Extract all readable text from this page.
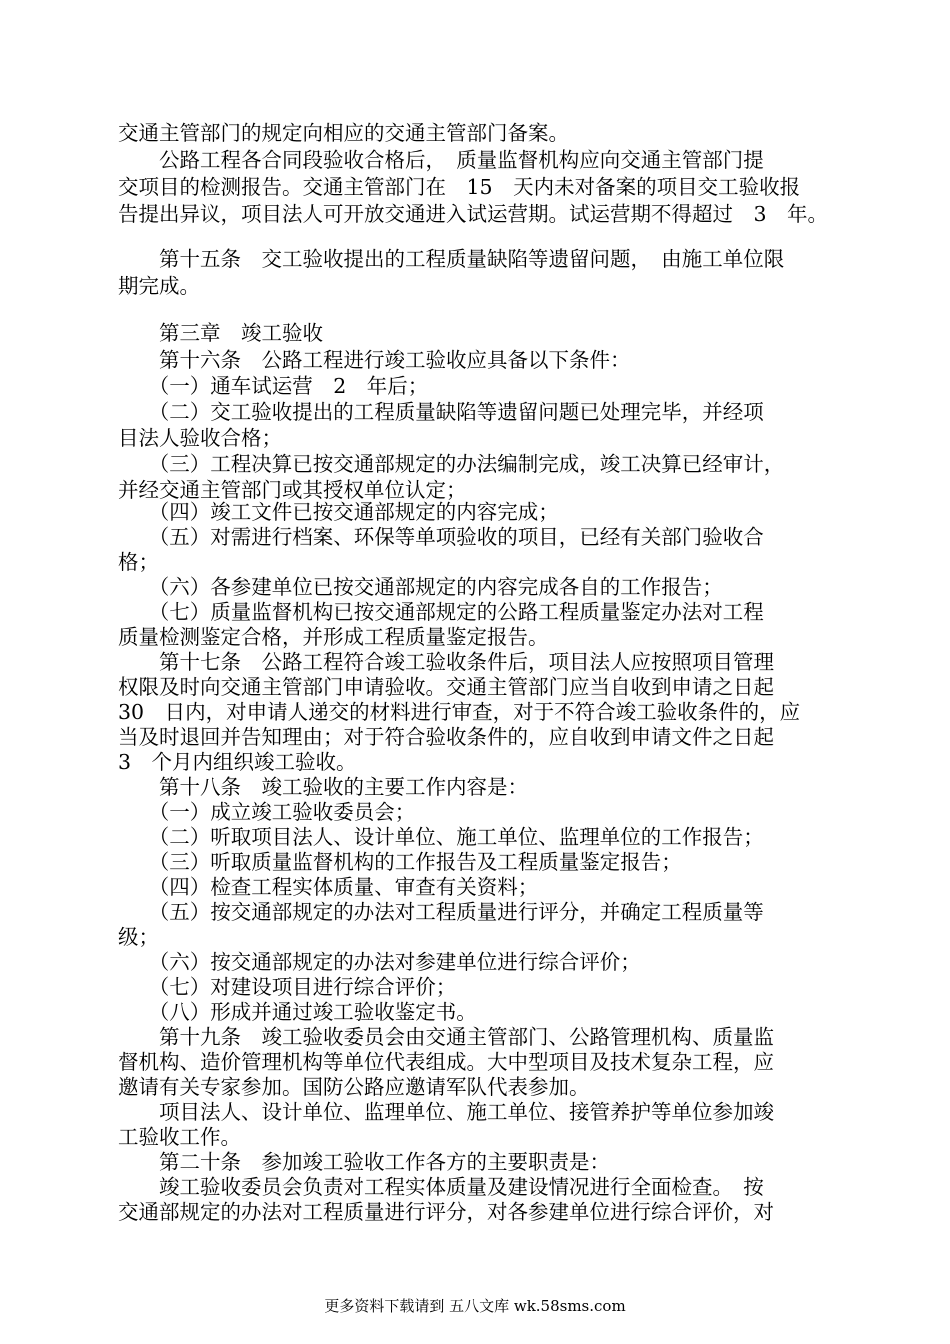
交通主管部门的规定向相应的交通主管部门备案。
　　公路工程各合同段验收合格后，　质量监督机构应向交通主管部门提
交项目的检测报告。交通主管部门在　15　天内未对备案的项目交工验收报
告提出异议，项目法人可开放交通进入试运营期。试运营期不得超过　3　年。
　　第十五条　交工验收提出的工程质量缺陷等遗留问题，　由施工单位限
期完成。
　　第三章　竣工验收
　　第十六条　公路工程进行竣工验收应具备以下条件：
　　（一）通车试运营　2　年后；
　　（二）交工验收提出的工程质量缺陷等遗留问题已处理完毕，并经项
目法人验收合格；
　　（三）工程决算已按交通部规定的办法编制完成，竣工决算已经审计，
并经交通主管部门或其授权单位认定；
　　（四）竣工文件已按交通部规定的内容完成；
　　（五）对需进行档案、环保等单项验收的项目，已经有关部门验收合
格；
　　（六）各参建单位已按交通部规定的内容完成各自的工作报告；
　　（七）质量监督机构已按交通部规定的公路工程质量鉴定办法对工程
质量检测鉴定合格，并形成工程质量鉴定报告。
　　第十七条　公路工程符合竣工验收条件后，项目法人应按照项目管理
权限及时向交通主管部门申请验收。交通主管部门应当自收到申请之日起
30　日内，对申请人递交的材料进行审查，对于不符合竣工验收条件的，应
当及时退回并告知理由；对于符合验收条件的，应自收到申请文件之日起
3　个月内组织竣工验收。
　　第十八条　竣工验收的主要工作内容是：
　　（一）成立竣工验收委员会；
　　（二）听取项目法人、设计单位、施工单位、监理单位的工作报告；
　　（三）听取质量监督机构的工作报告及工程质量鉴定报告；
　　（四）检查工程实体质量、审查有关资料；
　　（五）按交通部规定的办法对工程质量进行评分，并确定工程质量等
级；
　　（六）按交通部规定的办法对参建单位进行综合评价；
　　（七）对建设项目进行综合评价；
　　（八）形成并通过竣工验收鉴定书。
　　第十九条　竣工验收委员会由交通主管部门、公路管理机构、质量监
督机构、造价管理机构等单位代表组成。大中型项目及技术复杂工程，应
邀请有关专家参加。国防公路应邀请军队代表参加。
　　项目法人、设计单位、监理单位、施工单位、接管养护等单位参加竣
工验收工作。
　　第二十条　参加竣工验收工作各方的主要职责是：
　　竣工验收委员会负责对工程实体质量及建设情况进行全面检查。　按
交通部规定的办法对工程质量进行评分，对各参建单位进行综合评价，对
更多资料下载请到 五八文库 wk.58sms.com
